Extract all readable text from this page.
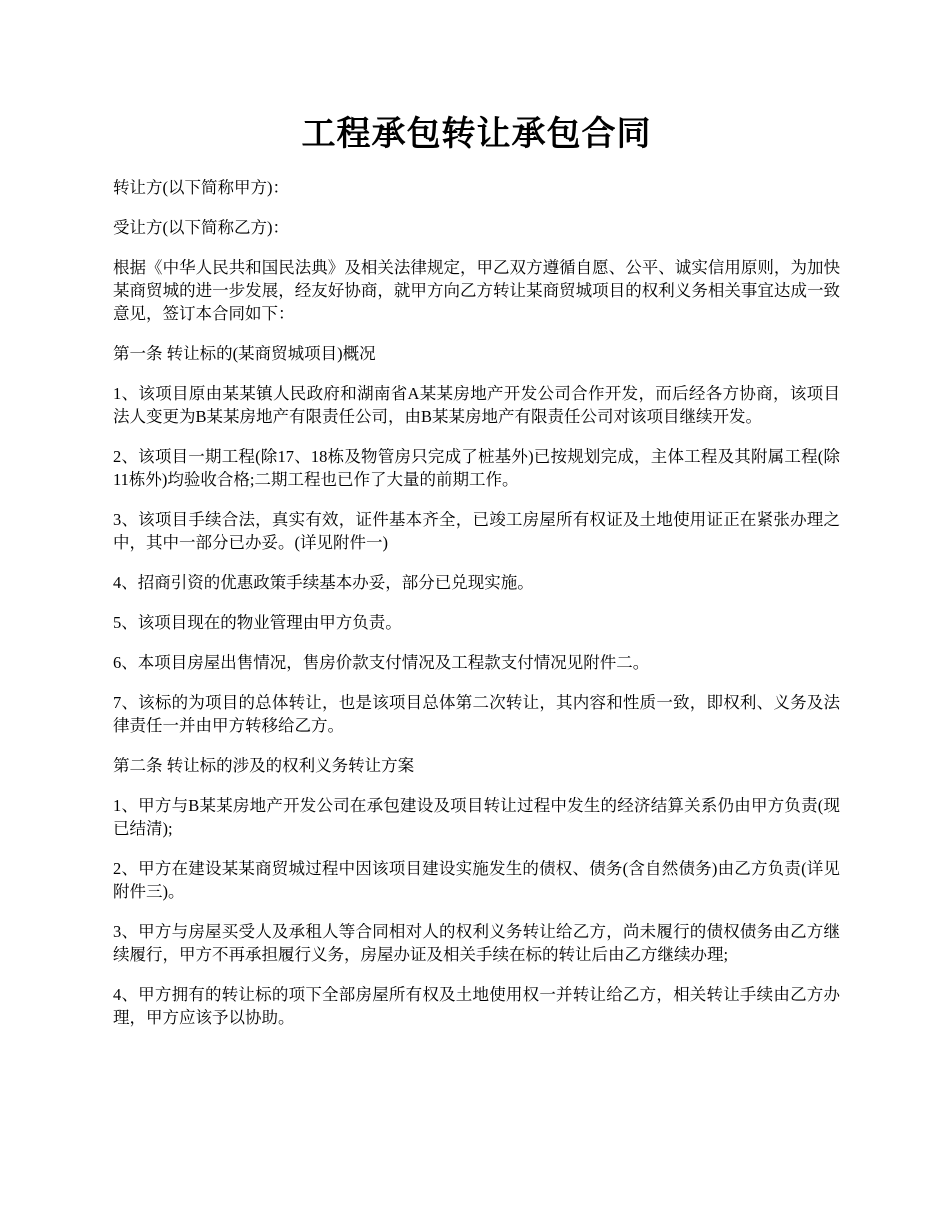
工程承包转让承包合同

转让方(以下简称甲方)：

受让方(以下简称乙方)：

根据《中华人民共和国民法典》及相关法律规定，甲乙双方遵循自愿、公平、诚实信用原则，为加快某商贸城的进一步发展，经友好协商，就甲方向乙方转让某商贸城项目的权利义务相关事宜达成一致意见，签订本合同如下：

第一条 转让标的(某商贸城项目)概况

1、该项目原由某某镇人民政府和湖南省A某某房地产开发公司合作开发，而后经各方协商，该项目法人变更为B某某房地产有限责任公司，由B某某房地产有限责任公司对该项目继续开发。

2、该项目一期工程(除17、18栋及物管房只完成了桩基外)已按规划完成，主体工程及其附属工程(除11栋外)均验收合格;二期工程也已作了大量的前期工作。

3、该项目手续合法，真实有效，证件基本齐全，已竣工房屋所有权证及土地使用证正在紧张办理之中，其中一部分已办妥。(详见附件一)

4、招商引资的优惠政策手续基本办妥，部分已兑现实施。

5、该项目现在的物业管理由甲方负责。

6、本项目房屋出售情况，售房价款支付情况及工程款支付情况见附件二。

7、该标的为项目的总体转让，也是该项目总体第二次转让，其内容和性质一致，即权利、义务及法律责任一并由甲方转移给乙方。

第二条 转让标的涉及的权利义务转让方案

1、甲方与B某某房地产开发公司在承包建设及项目转让过程中发生的经济结算关系仍由甲方负责(现已结清);

2、甲方在建设某某商贸城过程中因该项目建设实施发生的债权、债务(含自然债务)由乙方负责(详见附件三)。

3、甲方与房屋买受人及承租人等合同相对人的权利义务转让给乙方，尚未履行的债权债务由乙方继续履行，甲方不再承担履行义务，房屋办证及相关手续在标的转让后由乙方继续办理;

4、甲方拥有的转让标的项下全部房屋所有权及土地使用权一并转让给乙方，相关转让手续由乙方办理，甲方应该予以协助。
